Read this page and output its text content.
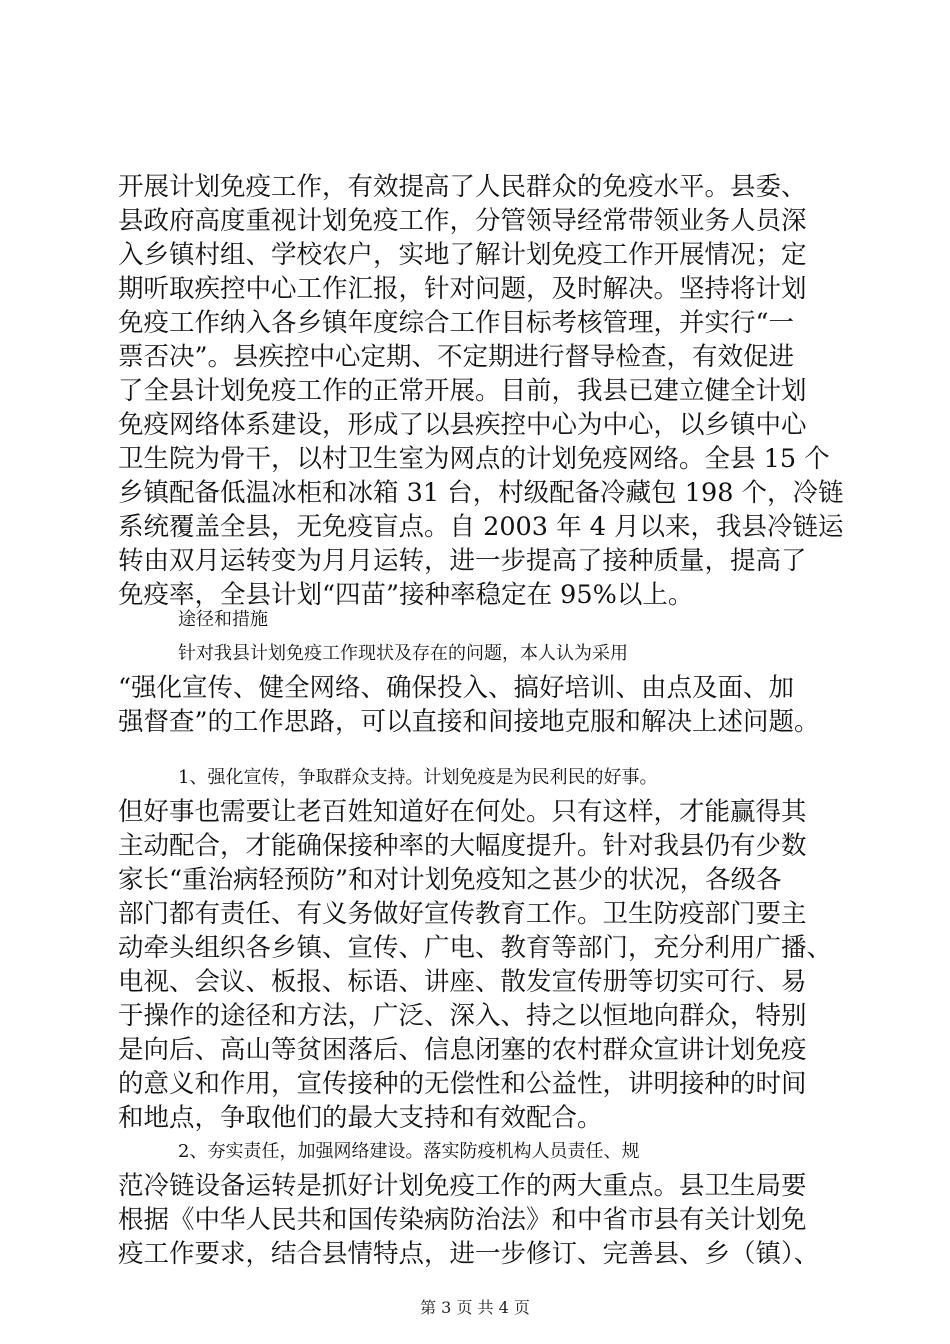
开展计划免疫工作，有效提高了人民群众的免疫水平。县委、
县政府高度重视计划免疫工作，分管领导经常带领业务人员深
入乡镇村组、学校农户，实地了解计划免疫工作开展情况；定
期听取疾控中心工作汇报，针对问题，及时解决。坚持将计划
免疫工作纳入各乡镇年度综合工作目标考核管理，并实行“一
票否决”。县疾控中心定期、不定期进行督导检查，有效促进
了全县计划免疫工作的正常开展。目前，我县已建立健全计划
免疫网络体系建设，形成了以县疾控中心为中心，以乡镇中心
卫生院为骨干，以村卫生室为网点的计划免疫网络。全县 15 个
乡镇配备低温冰柜和冰箱 31 台，村级配备冷藏包 198 个，冷链
系统覆盖全县，无免疫盲点。自 2003 年 4 月以来，我县冷链运
转由双月运转变为月月运转，进一步提高了接种质量，提高了
免疫率，全县计划“四苗”接种率稳定在 95%以上。
途径和措施
针对我县计划免疫工作现状及存在的问题，本人认为采用
“强化宣传、健全网络、确保投入、搞好培训、由点及面、加
强督查”的工作思路，可以直接和间接地克服和解决上述问题。
1、强化宣传，争取群众支持。计划免疫是为民利民的好事。
但好事也需要让老百姓知道好在何处。只有这样，才能赢得其
主动配合，才能确保接种率的大幅度提升。针对我县仍有少数
家长“重治病轻预防”和对计划免疫知之甚少的状况，各级各
部门都有责任、有义务做好宣传教育工作。卫生防疫部门要主
动牵头组织各乡镇、宣传、广电、教育等部门，充分利用广播、
电视、会议、板报、标语、讲座、散发宣传册等切实可行、易
于操作的途径和方法，广泛、深入、持之以恒地向群众，特别
是向后、高山等贫困落后、信息闭塞的农村群众宣讲计划免疫
的意义和作用，宣传接种的无偿性和公益性，讲明接种的时间
和地点，争取他们的最大支持和有效配合。
2、夯实责任，加强网络建设。落实防疫机构人员责任、规
范冷链设备运转是抓好计划免疫工作的两大重点。县卫生局要
根据《中华人民共和国传染病防治法》和中省市县有关计划免
疫工作要求，结合县情特点，进一步修订、完善县、乡（镇）、
第 3 页 共 4 页
